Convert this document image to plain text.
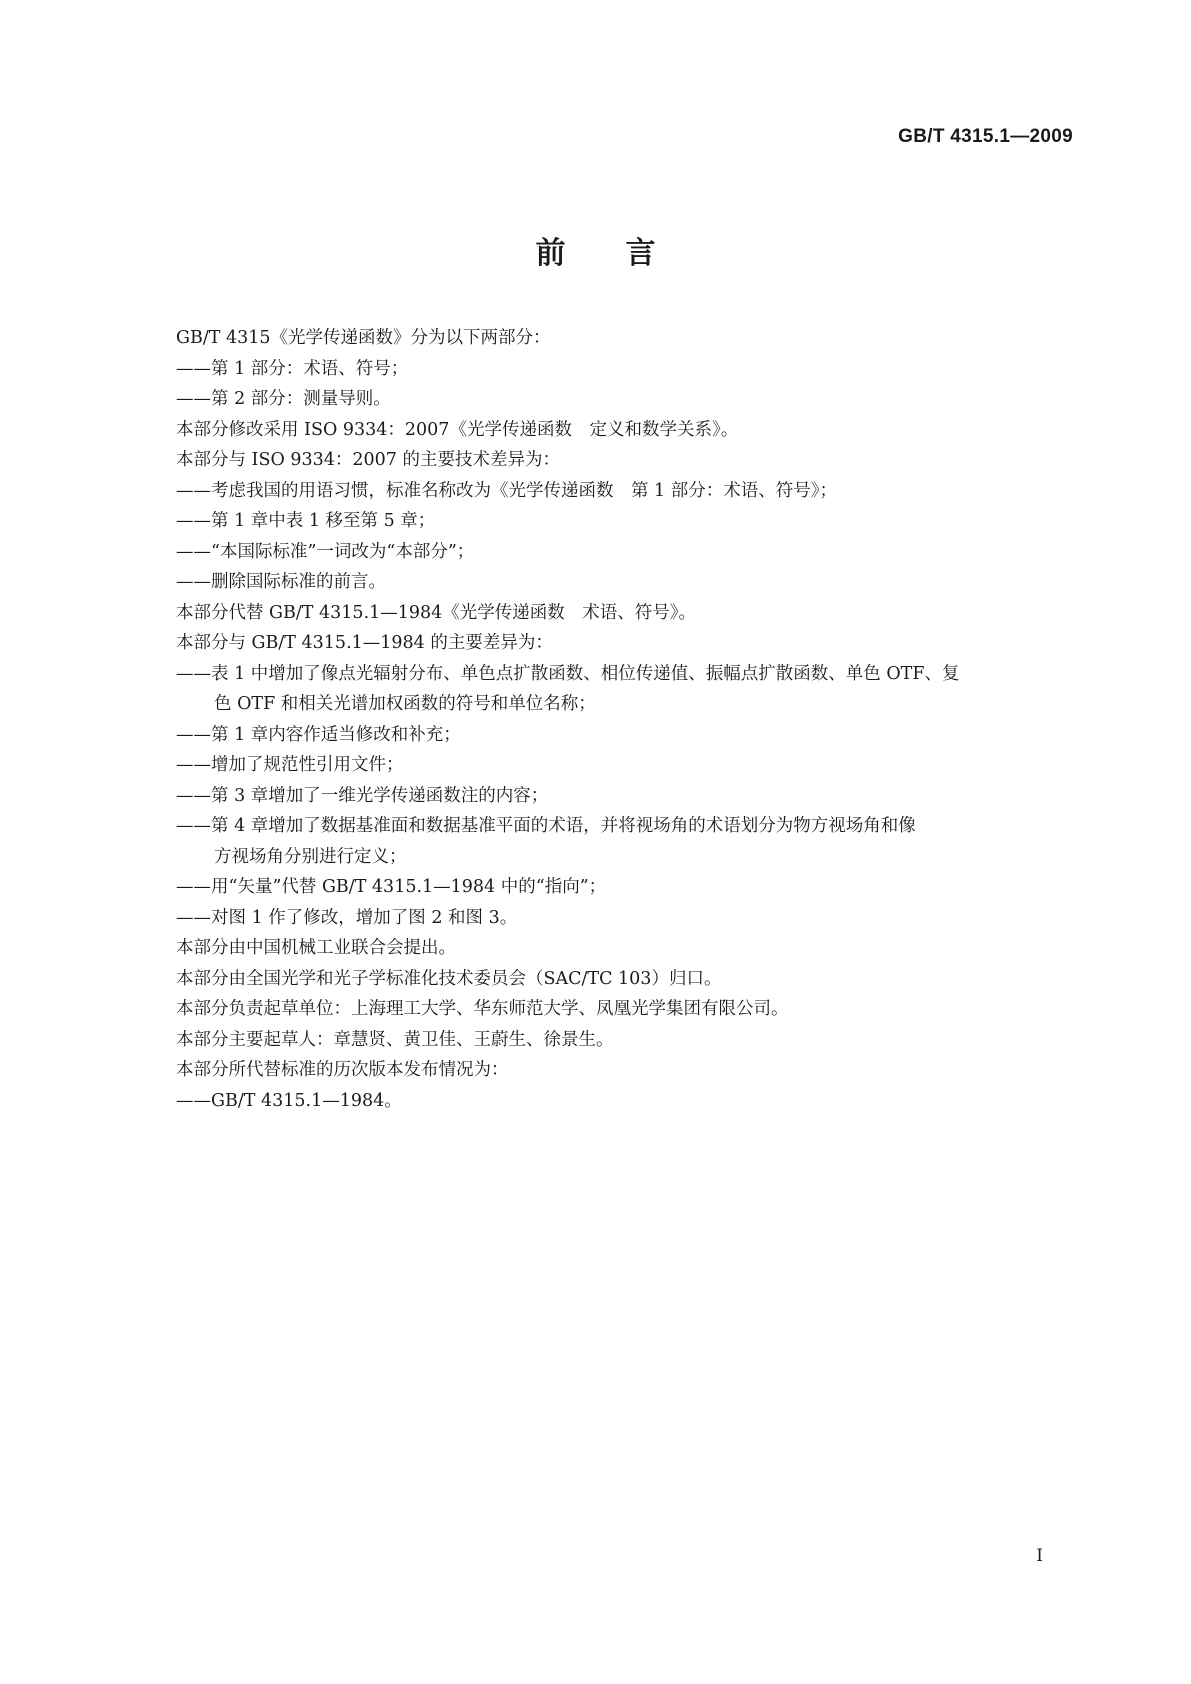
GB/T 4315.1—2009
前言
GB/T 4315《光学传递函数》分为以下两部分：
——第 1 部分：术语、符号；
——第 2 部分：测量导则。
本部分修改采用 ISO 9334：2007《光学传递函数　定义和数学关系》。
本部分与 ISO 9334：2007 的主要技术差异为：
——考虑我国的用语习惯，标准名称改为《光学传递函数　第 1 部分：术语、符号》；
——第 1 章中表 1 移至第 5 章；
——“本国际标准”一词改为“本部分”；
——删除国际标准的前言。
本部分代替 GB/T 4315.1—1984《光学传递函数　术语、符号》。
本部分与 GB/T 4315.1—1984 的主要差异为：
——表 1 中增加了像点光辐射分布、单色点扩散函数、相位传递值、振幅点扩散函数、单色 OTF、复
色 OTF 和相关光谱加权函数的符号和单位名称；
——第 1 章内容作适当修改和补充；
——增加了规范性引用文件；
——第 3 章增加了一维光学传递函数注的内容；
——第 4 章增加了数据基准面和数据基准平面的术语，并将视场角的术语划分为物方视场角和像
方视场角分别进行定义；
——用“矢量”代替 GB/T 4315.1—1984 中的“指向”；
——对图 1 作了修改，增加了图 2 和图 3。
本部分由中国机械工业联合会提出。
本部分由全国光学和光子学标准化技术委员会（SAC/TC 103）归口。
本部分负责起草单位：上海理工大学、华东师范大学、凤凰光学集团有限公司。
本部分主要起草人：章慧贤、黄卫佳、王蔚生、徐景生。
本部分所代替标准的历次版本发布情况为：
——GB/T 4315.1—1984。
I
